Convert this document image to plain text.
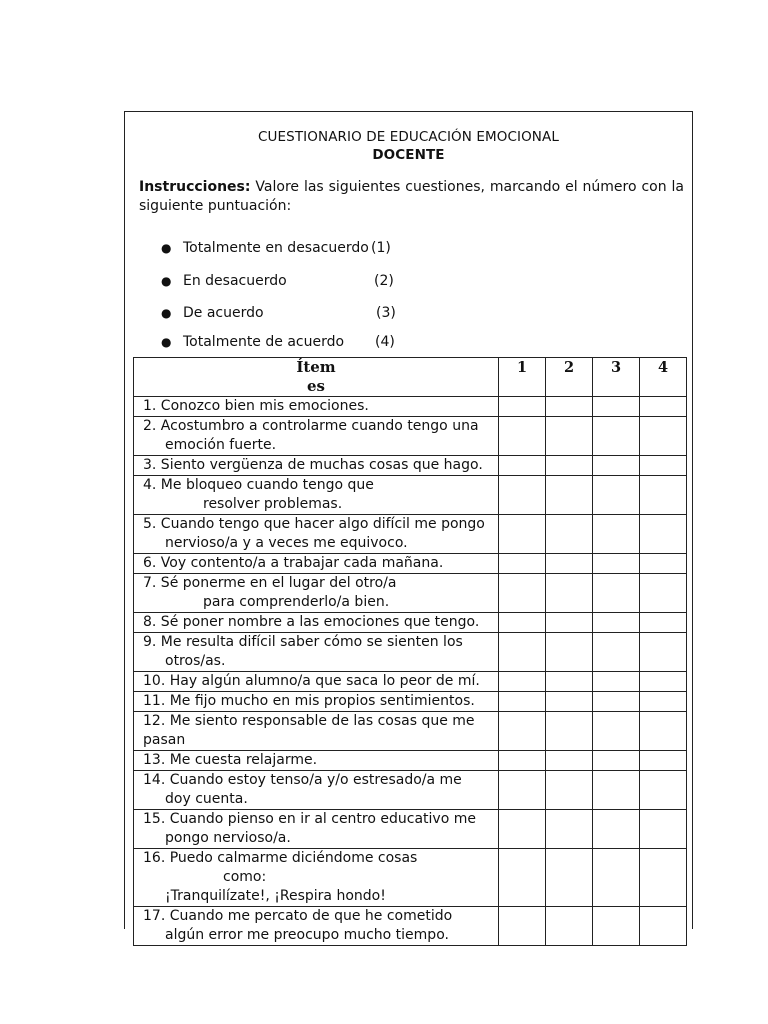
CUESTIONARIO DE EDUCACIÓN EMOCIONAL
DOCENTE
Instrucciones: Valore las siguientes cuestiones, marcando el número con la siguiente puntuación:
● Totalmente en desacuerdo (1)
● En desacuerdo	(2)
● De acuerdo	(3)
● Totalmente de acuerdo (4)
Ítem
es	1	2	3	4

1. Conozco bien mis emociones.				

2. Acostumbro a controlarme cuando tengo una
emoción fuerte.				

3. Siento vergüenza de muchas cosas que hago.				

4. Me bloqueo cuando tengo que
resolver problemas.				

5. Cuando tengo que hacer algo difícil me pongo
nervioso/a y a veces me equivoco.				

6. Voy contento/a a trabajar cada mañana.				

7. Sé ponerme en el lugar del otro/a
para comprenderlo/a bien.				

8. Sé poner nombre a las emociones que tengo.				

9. Me resulta difícil saber cómo se sienten los
otros/as.				

10. Hay algún alumno/a que saca lo peor de mí.				

11. Me fijo mucho en mis propios sentimientos.				

12. Me siento responsable de las cosas que me
pasan				

13. Me cuesta relajarme.				

14. Cuando estoy tenso/a y/o estresado/a me
doy cuenta.				

15. Cuando pienso en ir al centro educativo me
pongo nervioso/a.				

16. Puedo calmarme diciéndome cosas
como:
¡Tranquilízate!, ¡Respira hondo!				

17. Cuando me percato de que he cometido
algún error me preocupo mucho tiempo.				
